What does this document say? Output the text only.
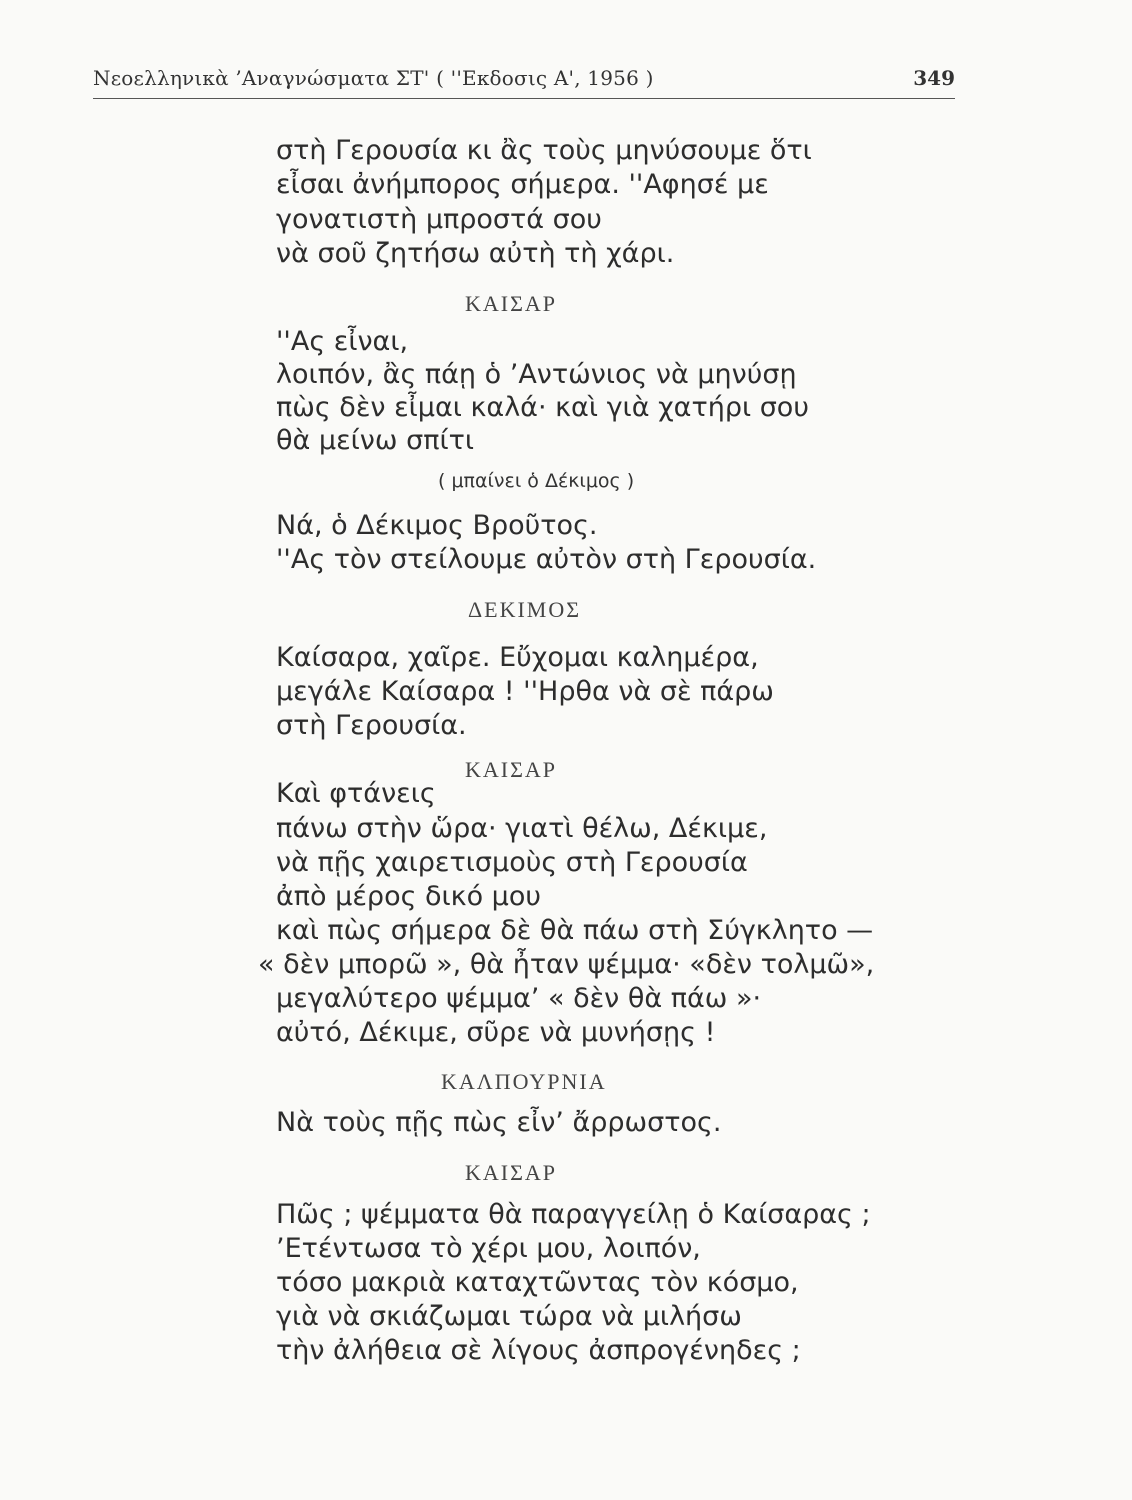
Νεοελληνικὰ ’Αναγνώσματα ΣΤ' ( ''Εκδοσις Α', 1956 )	349
στὴ Γερουσία κι ἂς τοὺς μηνύσουμε ὅτι
εἶσαι ἀνήμπορος σήμερα. ''Αφησέ με
γονατιστὴ μπροστά σου
νὰ σοῦ ζητήσω αὐτὴ τὴ χάρι.
ΚΑΙΣΑΡ
''Ας εἶναι,
λοιπόν, ἂς πάῃ ὁ ’Αντώνιος νὰ μηνύσῃ
πὼς δὲν εἶμαι καλά· καὶ γιὰ χατήρι σου
θὰ μείνω σπίτι
( μπαίνει ὁ Δέκιμος )
Νά, ὁ Δέκιμος Βροῦτος.
''Ας τὸν στείλουμε αὐτὸν στὴ Γερουσία.
ΔΕΚΙΜΟΣ
Καίσαρα, χαῖρε. Εὔχομαι καλημέρα,
μεγάλε Καίσαρα ! ''Ηρθα νὰ σὲ πάρω
στὴ Γερουσία.
ΚΑΙΣΑΡ
Καὶ φτάνεις
πάνω στὴν ὥρα· γιατὶ θέλω, Δέκιμε,
νὰ πῇς χαιρετισμοὺς στὴ Γερουσία
ἀπὸ μέρος δικό μου
καὶ πὼς σήμερα δὲ θὰ πάω στὴ Σύγκλητο —
« δὲν μπορῶ », θὰ ἦταν ψέμμα· «δὲν τολμῶ»,
μεγαλύτερο ψέμμα’ « δὲν θὰ πάω »·
αὐτό, Δέκιμε, σῦρε νὰ μυνήσῃς !
ΚΑΛΠΟΥΡΝΙΑ
Νὰ τοὺς πῇς πὼς εἶν’ ἄρρωστος.
ΚΑΙΣΑΡ
Πῶς ; ψέμματα θὰ παραγγείλῃ ὁ Καίσαρας ;
’Ετέντωσα τὸ χέρι μου, λοιπόν,
τόσο μακριὰ καταχτῶντας τὸν κόσμο,
γιὰ νὰ σκιάζωμαι τώρα νὰ μιλήσω
τὴν ἀλήθεια σὲ λίγους ἀσπρογένηδες ;
